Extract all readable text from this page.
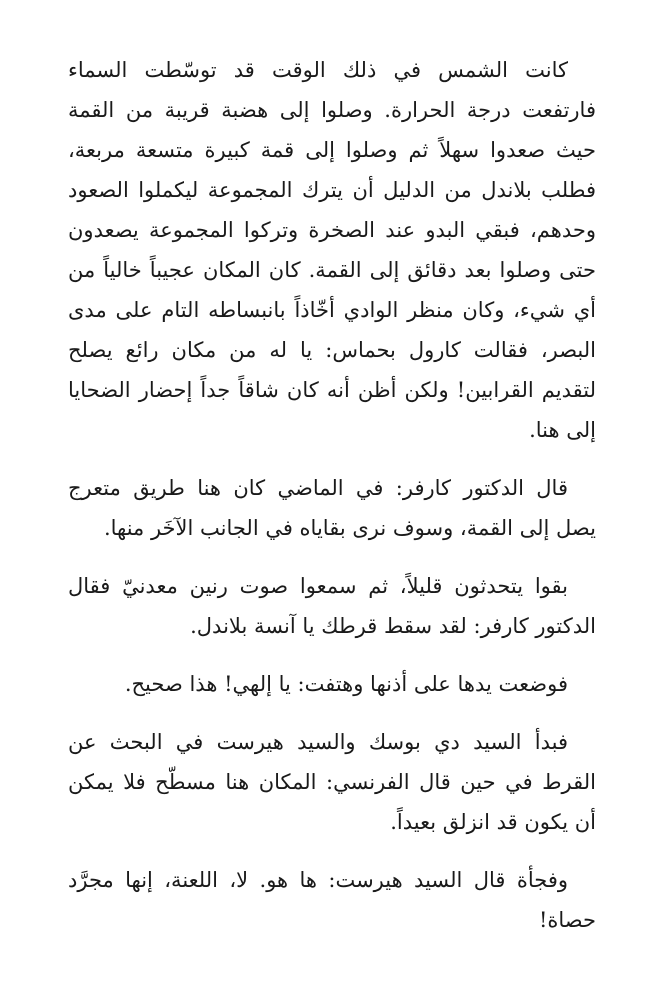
كانت الشمس في ذلك الوقت قد توسّطت السماء فارتفعت درجة الحرارة. وصلوا إلى هضبة قريبة من القمة حيث صعدوا سهلاً ثم وصلوا إلى قمة كبيرة متسعة مربعة، فطلب بلاندل من الدليل أن يترك المجموعة ليكملوا الصعود وحدهم، فبقي البدو عند الصخرة وتركوا المجموعة يصعدون حتى وصلوا بعد دقائق إلى القمة. كان المكان عجيباً خالياً من أي شيء، وكان منظر الوادي أخّاذاً بانبساطه التام على مدى البصر، فقالت كارول بحماس: يا له من مكان رائع يصلح لتقديم القرابين! ولكن أظن أنه كان شاقاً جداً إحضار الضحايا إلى هنا.

قال الدكتور كارفر: في الماضي كان هنا طريق متعرج يصل إلى القمة، وسوف نرى بقاياه في الجانب الآخَر منها.

بقوا يتحدثون قليلاً، ثم سمعوا صوت رنين معدنيّ فقال الدكتور كارفر: لقد سقط قرطك يا آنسة بلاندل.

فوضعت يدها على أذنها وهتفت: يا إلهي! هذا صحيح.

فبدأ السيد دي بوسك والسيد هيرست في البحث عن القرط في حين قال الفرنسي: المكان هنا مسطّح فلا يمكن أن يكون قد انزلق بعيداً.

وفجأة قال السيد هيرست: ها هو. لا، اللعنة، إنها مجرَّد حصاة!
